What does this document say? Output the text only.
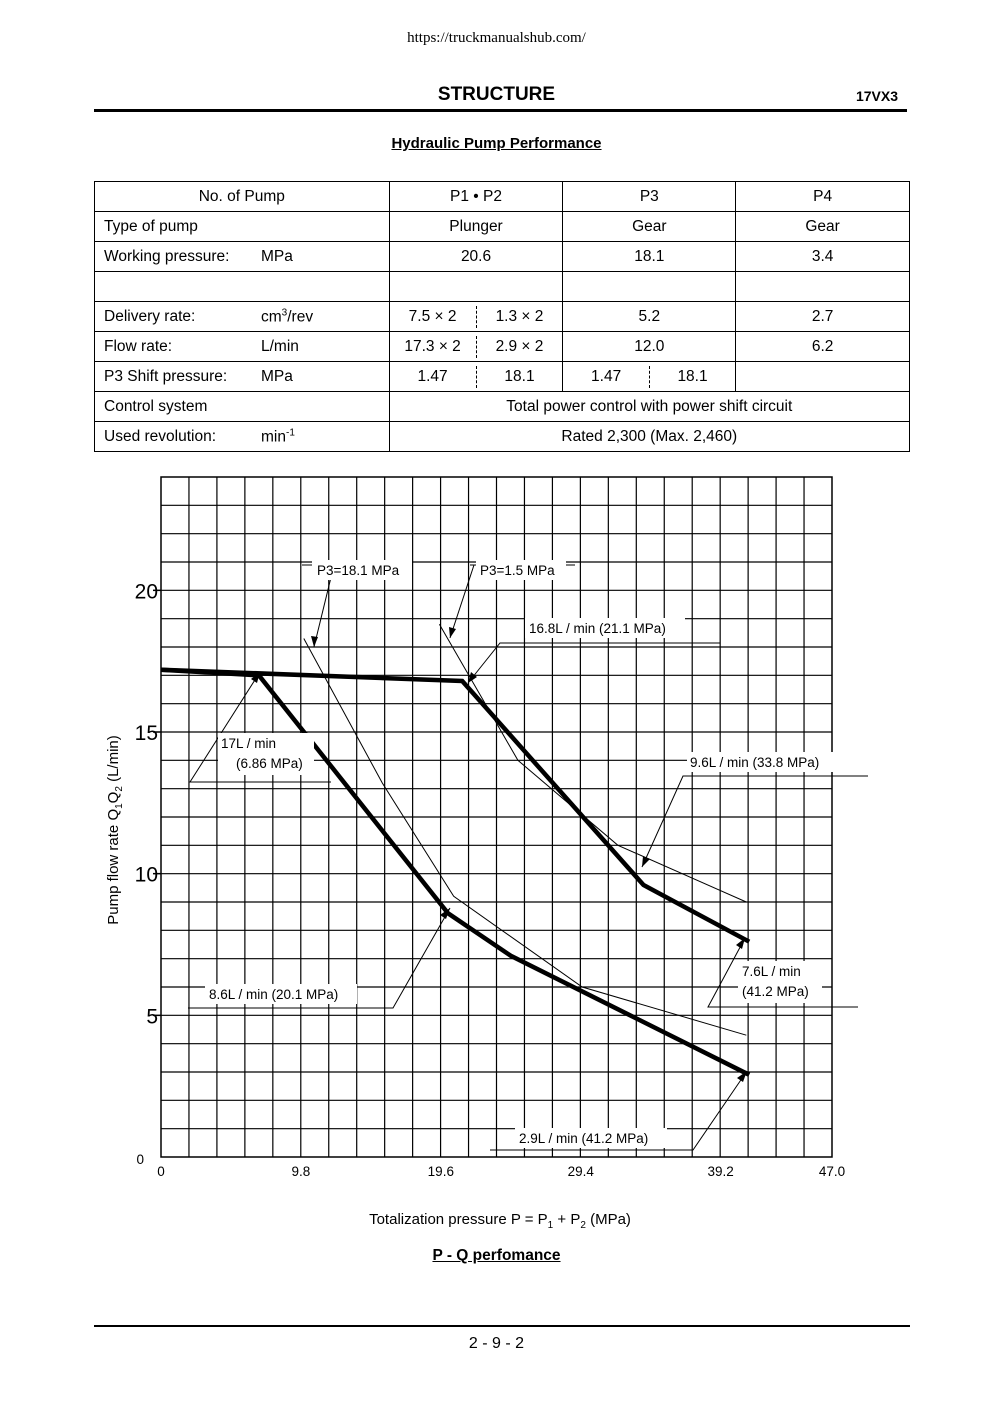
https://truckmanualshub.com/
STRUCTURE	17VX3
Hydraulic Pump Performance
No. of Pump	P1 • P2	P3	P4
Type of pump	Plunger	Gear	Gear
Working pressure: MPa	20.6	18.1	3.4

Delivery rate: $cm^3$/rev	7.5 × 2 1.3 × 2	5.2	2.7
Flow rate: L/min	17.3 × 2 2.9 × 2	12.0	6.2
P3 Shift pressure: MPa	1.47 18.1	1.47 18.1	

Control system	Total power control with power shift circuit		
Used revolution: $\min^{-1}$	Rated 2,300 (Max. 2,460)		
Pump flow rate $Q_1Q_2$ (L/min)
Totalization pressure $P = P_1 + P_2$ (MPa)
0	9.8	19.6	29.4	39.2	47.0
0
5
10
15
20
P3=18.1 MPa	P3=1.5 MPa
16.8L / min (21.1 MPa)
17L / min
(6.86 MPa)	9.6L / min (33.8 MPa)
7.6L / min
(41.2 MPa)
8.6L / min (20.1 MPa)
2.9L / min (41.2 MPa)
P - Q perfomance
2 - 9 - 2
